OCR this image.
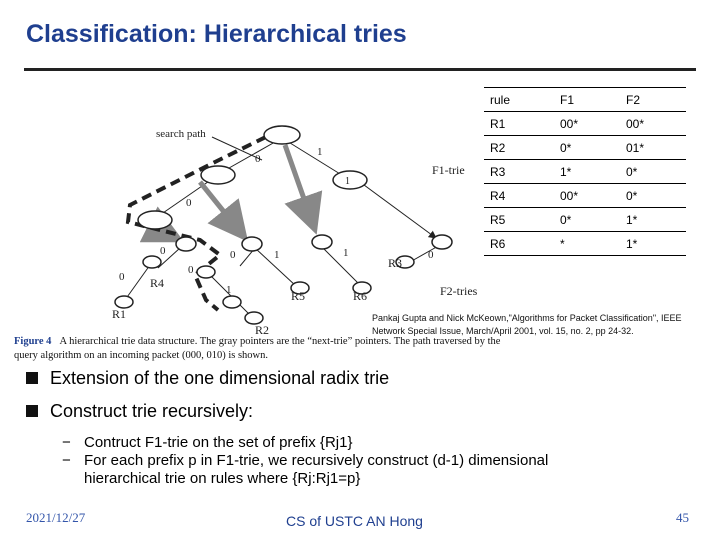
Classification: Hierarchical tries
search path
F1-trie
F2-tries
R1
R2
R3
R4
R5	R6
0
1
1
0
0	0	1	1	0
0
0
1
rule	F1	F2
R1	00*	00*
R2	0*	01*
R3	1*	0*
R4	00*	0*
R5	0*	1*
R6	*	1*
Pankaj Gupta and Nick McKeown,"Algorithms for Packet Classification", IEEE Network Special Issue, March/April 2001, vol. 15, no. 2, pp 24-32.
Figure 4 A hierarchical trie data structure. The gray pointers are the “next-trie” pointers. The path traversed by the query algorithm on an incoming packet (000, 010) is shown.
Extension of the one dimensional radix trie
Construct trie recursively:
− Contruct F1-trie on the set of prefix {Rj1}
− For each prefix p in F1-trie, we recursively construct (d-1) dimensional hierarchical trie on rules where {Rj:Rj1=p}
2021/12/27	CS of USTC AN Hong	45
